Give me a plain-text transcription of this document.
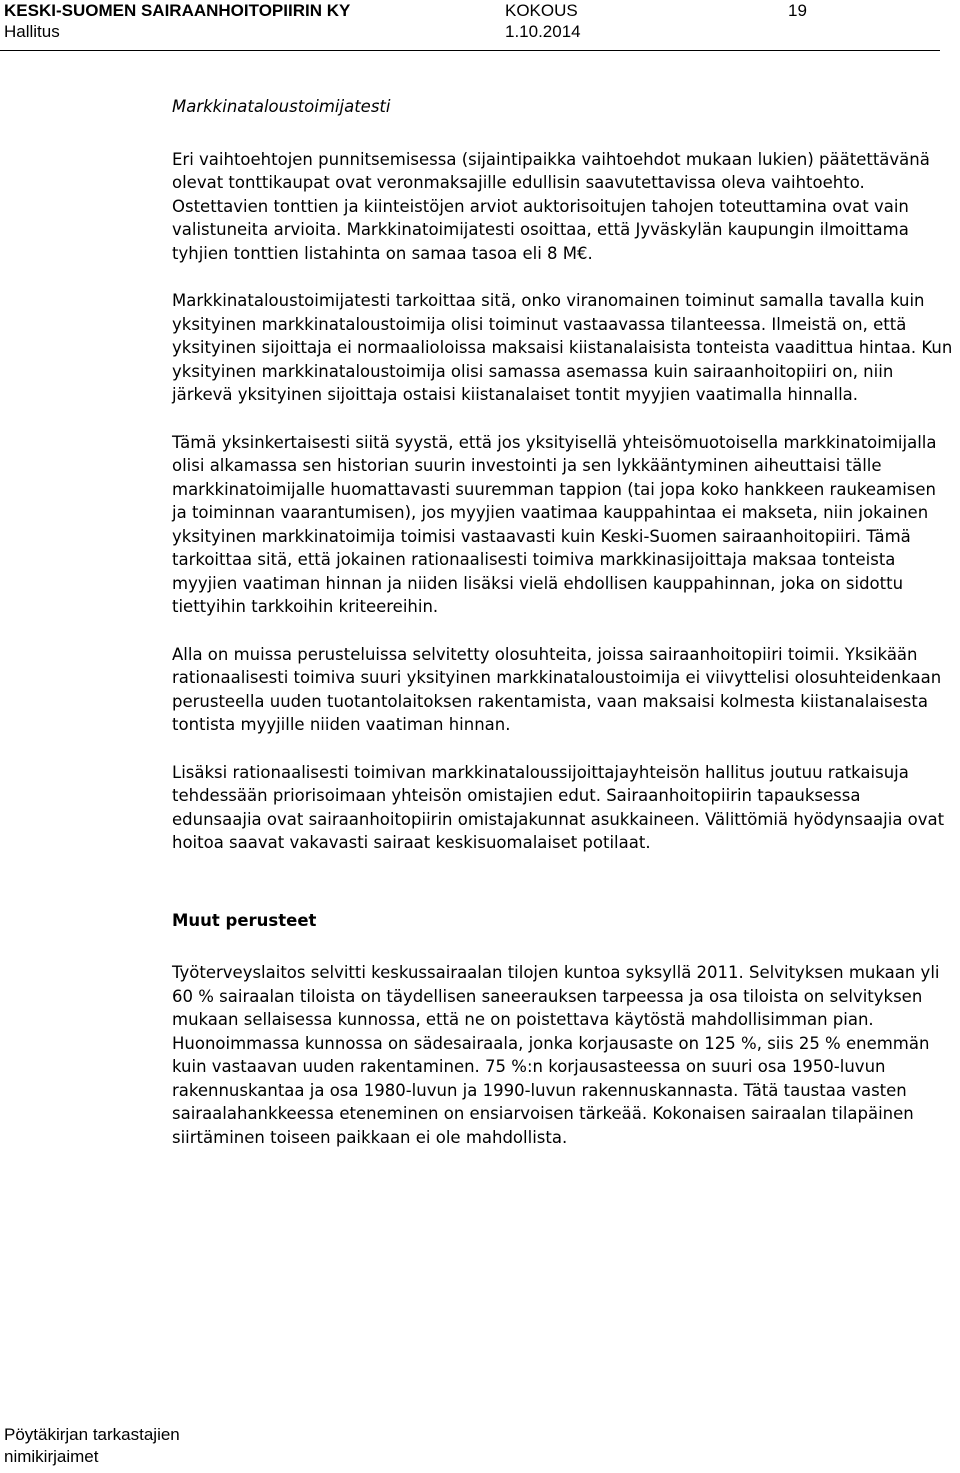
KESKI-SUOMEN SAIRAANHOITOPIIRIN KY	KOKOUS	19
Hallitus	1.10.2014
Markkinataloustoimijatesti

Eri vaihtoehtojen punnitsemisessa (sijaintipaikka vaihtoehdot mukaan lukien) päätettävänä olevat tonttikaupat ovat veronmaksajille edullisin saavutettavissa oleva vaihtoehto. Ostettavien tonttien ja kiinteistöjen arviot auktorisoitujen tahojen toteuttamina ovat vain valistuneita arvioita. Markkinatoimijatesti osoittaa, että Jyväskylän kaupungin ilmoittama tyhjien tonttien listahinta on samaa tasoa eli 8 M€.

Markkinataloustoimijatesti tarkoittaa sitä, onko viranomainen toiminut samalla tavalla kuin yksityinen markkinataloustoimija olisi toiminut vastaavassa tilanteessa. Ilmeistä on, että yksityinen sijoittaja ei normaalioloissa maksaisi kiistanalaisista tonteista vaadittua hintaa. Kun yksityinen markkinataloustoimija olisi samassa asemassa kuin sairaanhoitopiiri on, niin järkevä yksityinen sijoittaja ostaisi kiistanalaiset tontit myyjien vaatimalla hinnalla.

Tämä yksinkertaisesti siitä syystä, että jos yksityisellä yhteisömuotoisella markkinatoimijalla olisi alkamassa sen historian suurin investointi ja sen lykkääntyminen aiheuttaisi tälle markkinatoimijalle huomattavasti suuremman tappion (tai jopa koko hankkeen raukeamisen ja toiminnan vaarantumisen), jos myyjien vaatimaa kauppahintaa ei makseta, niin jokainen yksityinen markkinatoimija toimisi vastaavasti kuin Keski-Suomen sairaanhoitopiiri. Tämä tarkoittaa sitä, että jokainen rationaalisesti toimiva markkinasijoittaja maksaa tonteista myyjien vaatiman hinnan ja niiden lisäksi vielä ehdollisen kauppahinnan, joka on sidottu tiettyihin tarkkoihin kriteereihin.

Alla on muissa perusteluissa selvitetty olosuhteita, joissa sairaanhoitopiiri toimii. Yksikään rationaalisesti toimiva suuri yksityinen markkinataloustoimija ei viivyttelisi olosuhteidenkaan perusteella uuden tuotantolaitoksen rakentamista, vaan maksaisi kolmesta kiistanalaisesta tontista myyjille niiden vaatiman hinnan.

Lisäksi rationaalisesti toimivan markkinataloussijoittajayhteisön hallitus joutuu ratkaisuja tehdessään priorisoimaan yhteisön omistajien edut. Sairaanhoitopiirin tapauksessa edunsaajia ovat sairaanhoitopiirin omistajakunnat asukkaineen. Välittömiä hyödynsaajia ovat hoitoa saavat vakavasti sairaat keskisuomalaiset potilaat.

Muut perusteet

Työterveyslaitos selvitti keskussairaalan tilojen kuntoa syksyllä 2011. Selvityksen mukaan yli 60 % sairaalan tiloista on täydellisen saneerauksen tarpeessa ja osa tiloista on selvityksen mukaan sellaisessa kunnossa, että ne on poistettava käytöstä mahdollisimman pian. Huonoimmassa kunnossa on sädesairaala, jonka korjausaste on 125 %, siis 25 % enemmän kuin vastaavan uuden rakentaminen. 75 %:n korjausasteessa on suuri osa 1950-luvun rakennuskantaa ja osa 1980-luvun ja 1990-luvun rakennuskannasta. Tätä taustaa vasten sairaalahankkeessa eteneminen on ensiarvoisen tärkeää. Kokonaisen sairaalan tilapäinen siirtäminen toiseen paikkaan ei ole mahdollista.

Pöytäkirjan tarkastajien
nimikirjaimet
